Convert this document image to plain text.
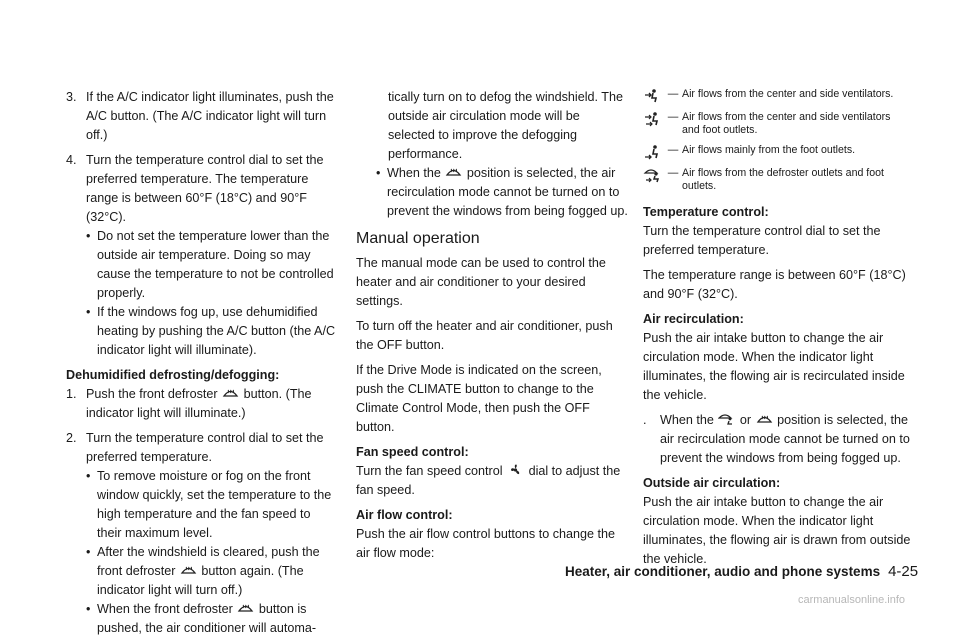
3. If the A/C indicator light illuminates, push the A/C button. (The A/C indicator light will turn off.)
4. Turn the temperature control dial to set the preferred temperature. The temperature range is between 60°F (18°C) and 90°F (32°C).
• Do not set the temperature lower than the outside air temperature. Doing so may cause the temperature to not be controlled properly.
• If the windows fog up, use dehumidified heating by pushing the A/C button (the A/C indicator light will illuminate).

Dehumidified defrosting/defogging:

1. Push the front defroster button. (The indicator light will illuminate.)
2. Turn the temperature control dial to set the preferred temperature.
• To remove moisture or fog on the front window quickly, set the temperature to the high temperature and the fan speed to their maximum level.
• After the windshield is cleared, push the front defroster button again. (The indicator light will turn off.)
• When the front defroster button is pushed, the air conditioner will automa-
tically turn on to defog the windshield. The outside air circulation mode will be selected to improve the defogging performance.
• When the position is selected, the air recirculation mode cannot be turned on to prevent the windows from being fogged up.

Manual operation

The manual mode can be used to control the heater and air conditioner to your desired settings.

To turn off the heater and air conditioner, push the OFF button.

If the Drive Mode is indicated on the screen, push the CLIMATE button to change to the Climate Control Mode, then push the OFF button.

Fan speed control:

Turn the fan speed control dial to adjust the fan speed.

Air flow control:

Push the air flow control buttons to change the air flow mode:

— Air flows from the center and side ventilators.
— Air flows from the center and side ventilators and foot outlets.
— Air flows mainly from the foot outlets.
— Air flows from the defroster outlets and foot outlets.

Temperature control:

Turn the temperature control dial to set the preferred temperature.

The temperature range is between 60°F (18°C) and 90°F (32°C).

Air recirculation:

Push the air intake button to change the air circulation mode. When the indicator light illuminates, the flowing air is recirculated inside the vehicle.

.	When the or position is selected, the air recirculation mode cannot be turned on to prevent the windows from being fogged up.

Outside air circulation:

Push the air intake button to change the air circulation mode. When the indicator light illuminates, the flowing air is drawn from outside the vehicle.

Heater, air conditioner, audio and phone systems 4-25
carmanualsonline.info
